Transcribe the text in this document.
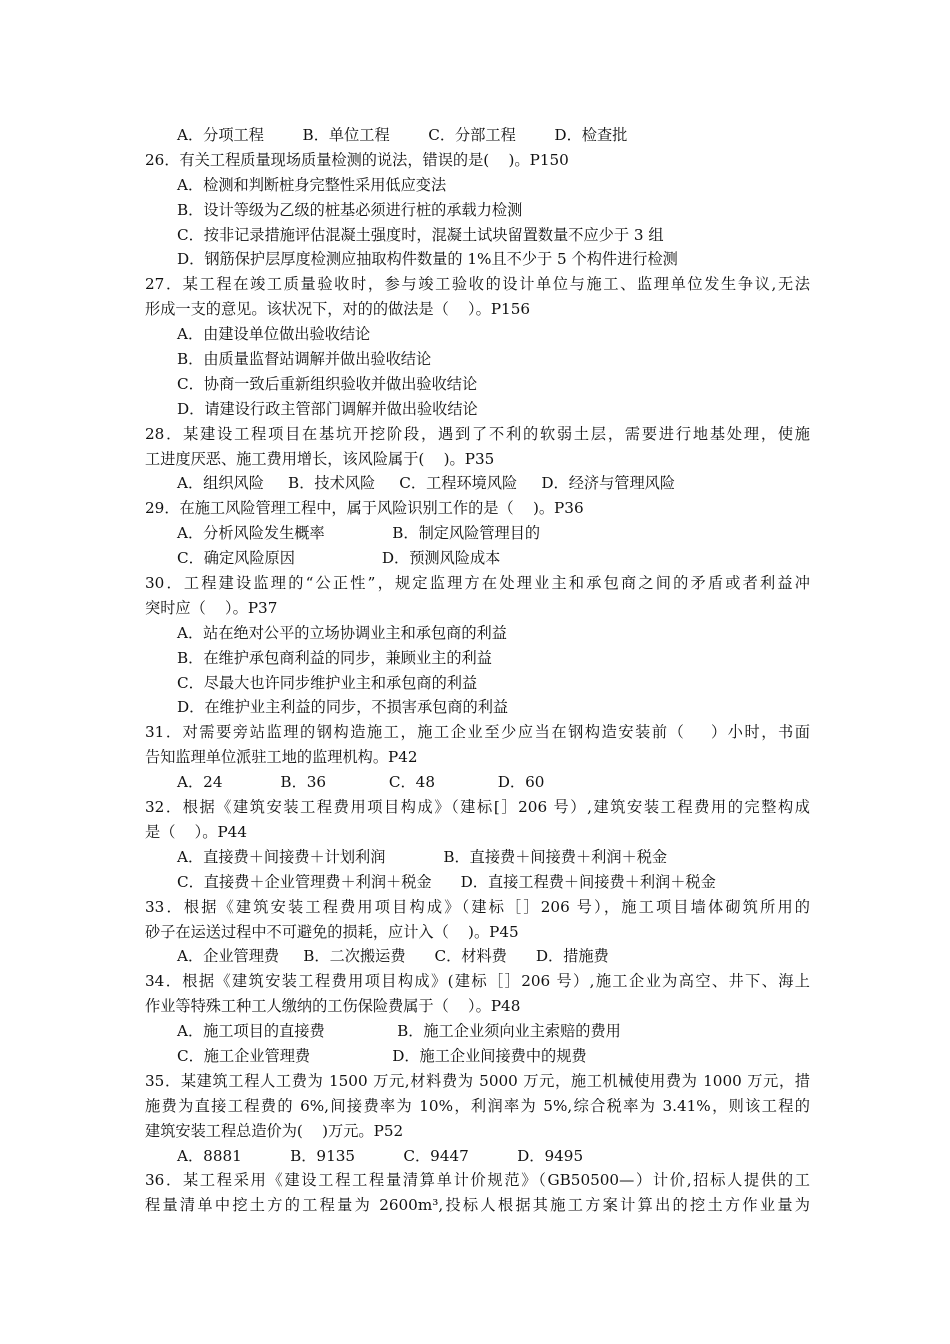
A．分项工程        B．单位工程        C．分部工程        D．检查批
26．有关工程质量现场质量检测的说法，错误的是(    )。P150
A．检测和判断桩身完整性采用低应变法
B．设计等级为乙级的桩基必须进行桩的承载力检测
C．按非记录措施评估混凝土强度时，混凝土试块留置数量不应少于 3 组
D．钢筋保护层厚度检测应抽取构件数量的 1%且不少于 5 个构件进行检测
27．某工程在竣工质量验收时，参与竣工验收的设计单位与施工、监理单位发生争议,无法
形成一支的意见。该状况下，对的的做法是（    ）。P156
A．由建设单位做出验收结论
B．由质量监督站调解并做出验收结论
C．协商一致后重新组织验收并做出验收结论
D．请建设行政主管部门调解并做出验收结论
28．某建设工程项目在基坑开挖阶段，遇到了不利的软弱土层，需要进行地基处理，使施
工进度厌恶、施工费用增长，该风险属于(    )。P35
A．组织风险     B．技术风险     C．工程环境风险     D．经济与管理风险
29．在施工风险管理工程中，属于风险识别工作的是（    )。P36
A．分析风险发生概率              B．制定风险管理目的
C．确定风险原因                  D．预测风险成本
30．工程建设监理的“公正性”，规定监理方在处理业主和承包商之间的矛盾或者利益冲
突时应（    ）。P37
A．站在绝对公平的立场协调业主和承包商的利益
B．在维护承包商利益的同步，兼顾业主的利益
C．尽最大也许同步维护业主和承包商的利益
D．在维护业主利益的同步，不损害承包商的利益
31．对需要旁站监理的钢构造施工，施工企业至少应当在钢构造安装前（    ）小时，书面
告知监理单位派驻工地的监理机构。P42
A．24            B．36             C．48             D．60
32．根据《建筑安装工程费用项目构成》（建标[］206 号）,建筑安装工程费用的完整构成
是（    ）。P44
A．直接费＋间接费＋计划利润            B．直接费＋间接费＋利润＋税金
C．直接费＋企业管理费＋利润＋税金      D．直接工程费＋间接费＋利润＋税金
33．根据《建筑安装工程费用项目构成》（建标［］206 号），施工项目墙体砌筑所用的
砂子在运送过程中不可避免的损耗，应计入（    )。P45
A．企业管理费     B．二次搬运费      C．材料费      D．措施费
34．根据《建筑安装工程费用项目构成》(建标［］206 号）,施工企业为高空、井下、海上
作业等特殊工种工人缴纳的工伤保险费属于（    ）。P48
A．施工项目的直接费               B．施工企业须向业主索赔的费用
C．施工企业管理费                 D．施工企业间接费中的规费
35．某建筑工程人工费为 1500 万元,材料费为 5000 万元，施工机械使用费为 1000 万元，措
施费为直接工程费的 6%,间接费率为 10%，利润率为 5%,综合税率为 3.41%，则该工程的
建筑安装工程总造价为(    )万元。P52
A．8881          B．9135          C．9447          D．9495
36．某工程采用《建设工程工程量清算单计价规范》（GB50500—）计价,招标人提供的工
程量清单中挖土方的工程量为 2600m³,投标人根据其施工方案计算出的挖土方作业量为
